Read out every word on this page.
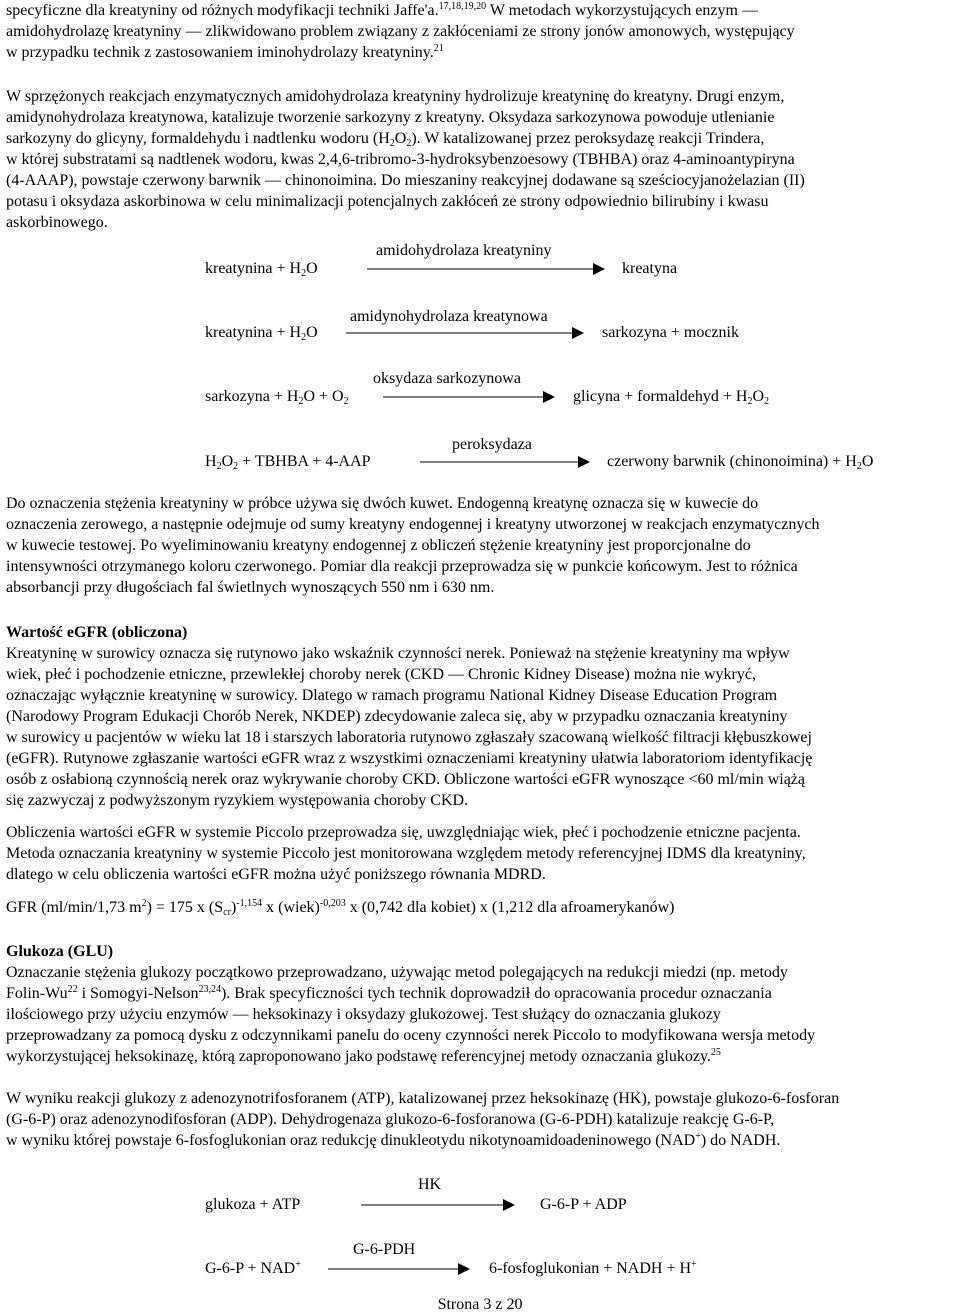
specyficzne dla kreatyniny od różnych modyfikacji techniki Jaffe'a.$^{17,18,19,20}$ W metodach wykorzystujących enzym —
amidohydrolazę kreatyniny — zlikwidowano problem związany z zakłóceniami ze strony jonów amonowych, występujący
w przypadku technik z zastosowaniem iminohydrolazy kreatyniny.$^{21}$
W sprzężonych reakcjach enzymatycznych amidohydrolaza kreatyniny hydrolizuje kreatyninę do kreatyny. Drugi enzym,
amidynohydrolaza kreatynowa, katalizuje tworzenie sarkozyny z kreatyny. Oksydaza sarkozynowa powoduje utlenianie
sarkozyny do glicyny, formaldehydu i nadtlenku wodoru $(H_2O_2)$. W katalizowanej przez peroksydazę reakcji Trindera,
w której substratami są nadtlenek wodoru, kwas 2,4,6-tribromo-3-hydroksybenzoesowy (TBHBA) oraz 4-aminoantypiryna
(4-AAAP), powstaje czerwony barwnik — chinonoimina. Do mieszaniny reakcyjnej dodawane są sześciocyjanożelazian (II)
potasu i oksydaza askorbinowa w celu minimalizacji potencjalnych zakłóceń ze strony odpowiednio bilirubiny i kwasu
askorbinowego.
kreatynina + $H_2O$
amidohydrolaza kreatyniny
kreatyna
kreatynina + $H_2O$
amidynohydrolaza kreatynowa
sarkozyna + mocznik
sarkozyna + $H_2O + O_2$
oksydaza sarkozynowa
glicyna + formaldehyd + $H_2O_2$
$H_2O_2$ + TBHBA + 4-AAP
peroksydaza
czerwony barwnik (chinonoimina) + $H_2O$
Do oznaczenia stężenia kreatyniny w próbce używa się dwóch kuwet. Endogenną kreatynę oznacza się w kuwecie do
oznaczenia zerowego, a następnie odejmuje od sumy kreatyny endogennej i kreatyny utworzonej w reakcjach enzymatycznych
w kuwecie testowej. Po wyeliminowaniu kreatyny endogennej z obliczeń stężenie kreatyniny jest proporcjonalne do
intensywności otrzymanego koloru czerwonego. Pomiar dla reakcji przeprowadza się w punkcie końcowym. Jest to różnica
absorbancji przy długościach fal świetlnych wynoszących 550 nm i 630 nm.
Wartość eGFR (obliczona)
Kreatyninę w surowicy oznacza się rutynowo jako wskaźnik czynności nerek. Ponieważ na stężenie kreatyniny ma wpływ
wiek, płeć i pochodzenie etniczne, przewlekłej choroby nerek (CKD — Chronic Kidney Disease) można nie wykryć,
oznaczając wyłącznie kreatyninę w surowicy. Dlatego w ramach programu National Kidney Disease Education Program
(Narodowy Program Edukacji Chorób Nerek, NKDEP) zdecydowanie zaleca się, aby w przypadku oznaczania kreatyniny
w surowicy u pacjentów w wieku lat 18 i starszych laboratoria rutynowo zgłaszały szacowaną wielkość filtracji kłębuszkowej
(eGFR). Rutynowe zgłaszanie wartości eGFR wraz z wszystkimi oznaczeniami kreatyniny ułatwia laboratoriom identyfikację
osób z osłabioną czynnością nerek oraz wykrywanie choroby CKD. Obliczone wartości eGFR wynoszące <60 ml/min wiążą
się zazwyczaj z podwyższonym ryzykiem występowania choroby CKD.
Obliczenia wartości eGFR w systemie Piccolo przeprowadza się, uwzględniając wiek, płeć i pochodzenie etniczne pacjenta.
Metoda oznaczania kreatyniny w systemie Piccolo jest monitorowana względem metody referencyjnej IDMS dla kreatyniny,
dlatego w celu obliczenia wartości eGFR można użyć poniższego równania MDRD.
GFR (ml/min/1,73 $m^2) = 175$ x $(S_{cr})^{-1,154}$ x (wiek)$^{-0,203}$ x (0,742 dla kobiet) x (1,212 dla afroamerykanów)
Glukoza (GLU)
Oznaczanie stężenia glukozy początkowo przeprowadzano, używając metod polegających na redukcji miedzi (np. metody
Folin-Wu$^{22}$ i Somogyi-Nelson$^{23,24}$). Brak specyficzności tych technik doprowadził do opracowania procedur oznaczania
ilościowego przy użyciu enzymów — heksokinazy i oksydazy glukozowej. Test służący do oznaczania glukozy
przeprowadzany za pomocą dysku z odczynnikami panelu do oceny czynności nerek Piccolo to modyfikowana wersja metody
wykorzystującej heksokinazę, którą zaproponowano jako podstawę referencyjnej metody oznaczania glukozy.$^{25}$
W wyniku reakcji glukozy z adenozynotrifosforanem (ATP), katalizowanej przez heksokinazę (HK), powstaje glukozo-6-fosforan
(G-6-P) oraz adenozynodifosforan (ADP). Dehydrogenaza glukozo-6-fosforanowa (G-6-PDH) katalizuje reakcję G-6-P,
w wyniku której powstaje 6-fosfoglukonian oraz redukcję dinukleotydu nikotynoamidoadeninowego (NAD+) do NADH.
glukoza + ATP
HK
G-6-P + ADP
G-6-P + NAD+
G-6-PDH
6-fosfoglukonian + NADH + H+
Strona 3 z 20
